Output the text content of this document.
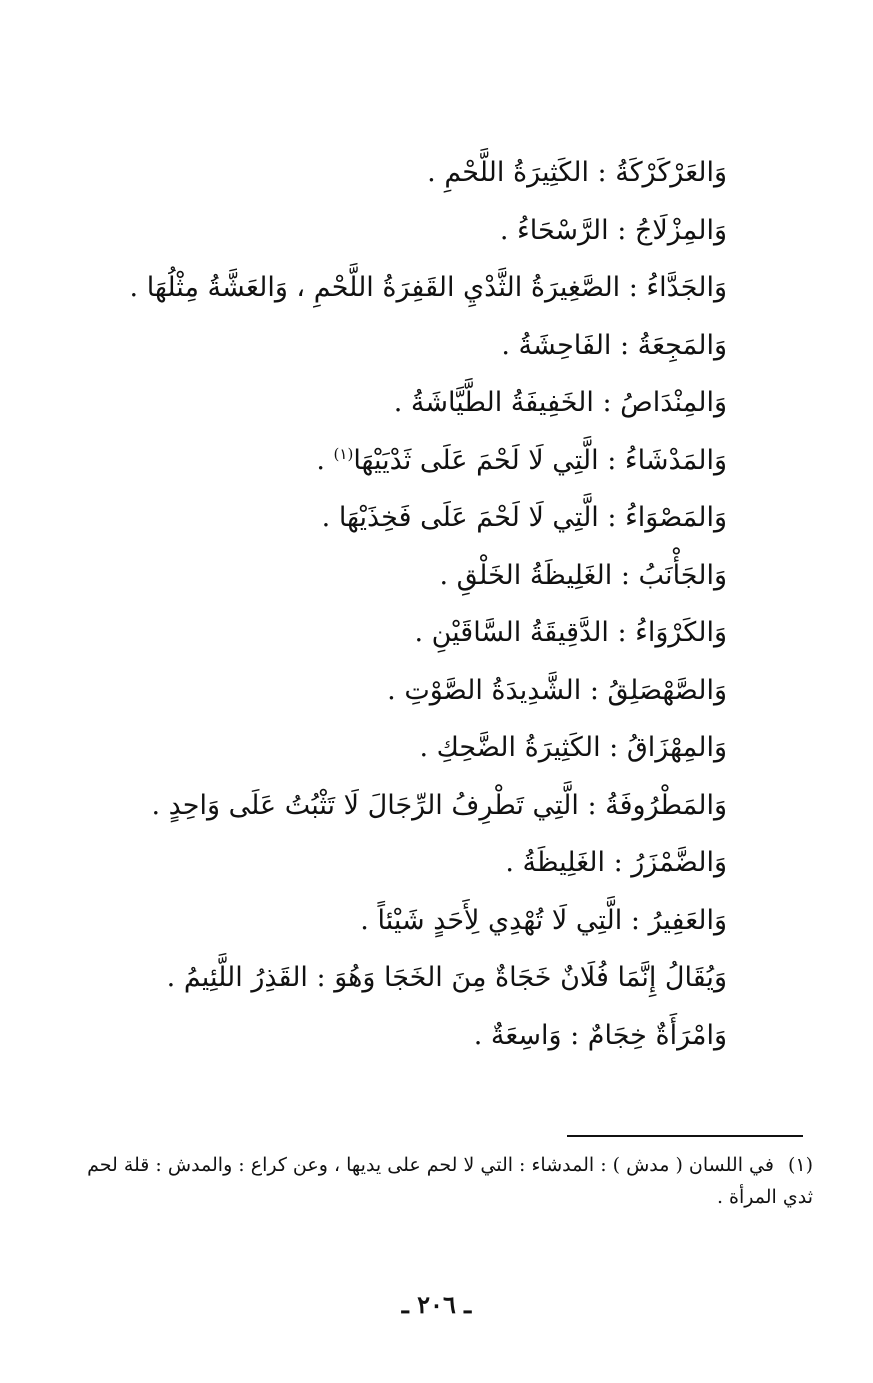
وَالعَرْكَرْكَةُ : الكَثِيرَةُ اللَّحْمِ .
وَالمِزْلَاجُ : الرَّسْحَاءُ .
وَالجَدَّاءُ : الصَّغِيرَةُ الثَّدْيِ القَفِرَةُ اللَّحْمِ ، وَالعَشَّةُ مِثْلُهَا .
وَالمَجِعَةُ : الفَاحِشَةُ .
وَالمِنْدَاصُ : الخَفِيفَةُ الطَّيَّاشَةُ .
وَالمَدْشَاءُ : الَّتِي لَا لَحْمَ عَلَى ثَدْيَيْهَا$^{(١)}$ .
وَالمَصْوَاءُ : الَّتِي لَا لَحْمَ عَلَى فَخِذَيْهَا .
وَالجَأْنَبُ : الغَلِيظَةُ الخَلْقِ .
وَالكَرْوَاءُ : الدَّقِيقَةُ السَّاقَيْنِ .
وَالصَّهْصَلِقُ : الشَّدِيدَةُ الصَّوْتِ .
وَالمِهْزَاقُ : الكَثِيرَةُ الضَّحِكِ .
وَالمَطْرُوفَةُ : الَّتِي تَطْرِفُ الرِّجَالَ لَا تَثْبُتُ عَلَى وَاحِدٍ .
وَالضَّمْزَرُ : الغَلِيظَةُ .
وَالعَفِيرُ : الَّتِي لَا تُهْدِي لِأَحَدٍ شَيْئاً .
وَيُقَالُ إِنَّمَا فُلَانٌ خَجَاةٌ مِنَ الخَجَا وَهُوَ : القَذِرُ اللَّئِيمُ .
وَامْرَأَةٌ خِجَامٌ : وَاسِعَةٌ .
(١)في اللسان ( مدش ) : المدشاء : التي لا لحم على يديها ، وعن كراع : والمدش : قلة لحم ثدي المرأة .
ـ ٢٠٦ ـ
